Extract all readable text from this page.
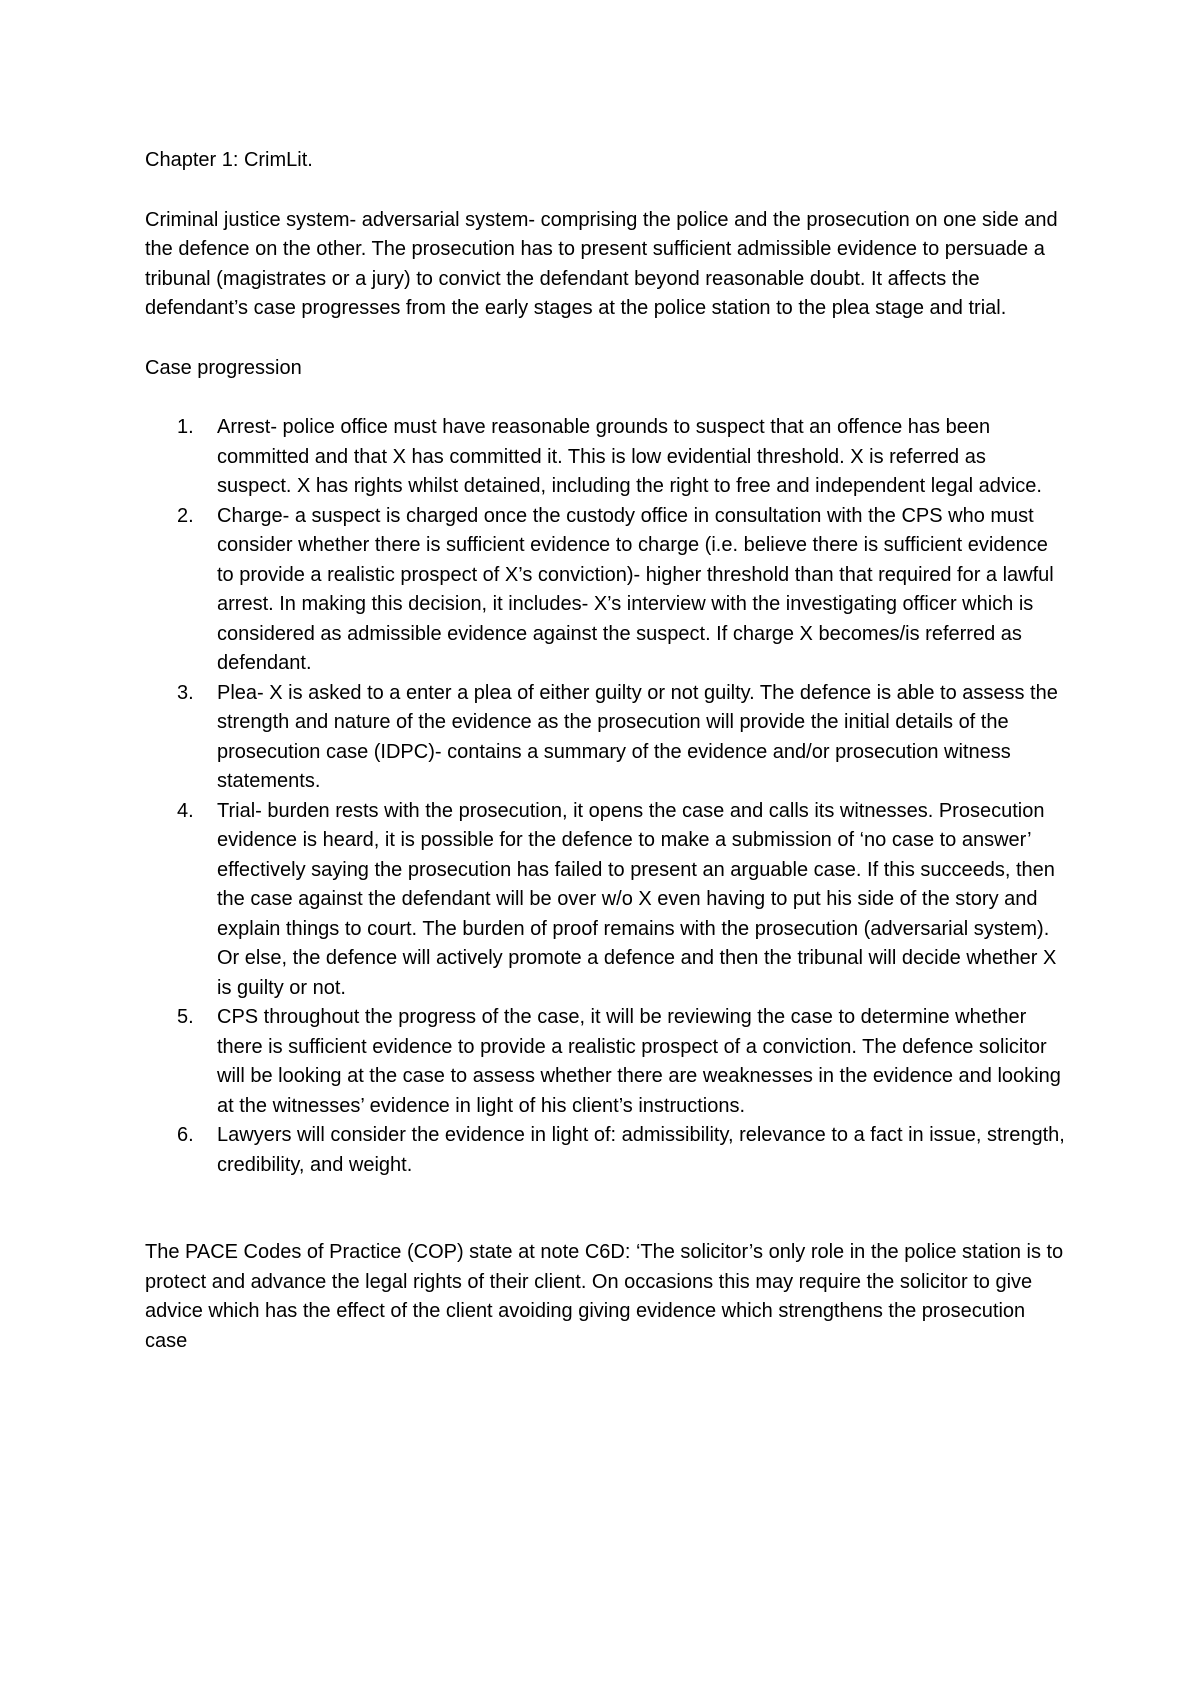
Chapter 1: CrimLit.

Criminal justice system- adversarial system- comprising the police and the prosecution on one side and the defence on the other. The prosecution has to present sufficient admissible evidence to persuade a tribunal (magistrates or a jury) to convict the defendant beyond reasonable doubt. It affects the defendant’s case progresses from the early stages at the police station to the plea stage and trial.

Case progression
1. Arrest- police office must have reasonable grounds to suspect that an offence has been committed and that X has committed it. This is low evidential threshold. X is referred as suspect. X has rights whilst detained, including the right to free and independent legal advice.
2. Charge- a suspect is charged once the custody office in consultation with the CPS who must consider whether there is sufficient evidence to charge (i.e. believe there is sufficient evidence to provide a realistic prospect of X’s conviction)- higher threshold than that required for a lawful arrest. In making this decision, it includes- X’s interview with the investigating officer which is considered as admissible evidence against the suspect. If charge X becomes/is referred as defendant.
3. Plea- X is asked to a enter a plea of either guilty or not guilty. The defence is able to assess the strength and nature of the evidence as the prosecution will provide the initial details of the prosecution case (IDPC)- contains a summary of the evidence and/or prosecution witness statements.
4. Trial- burden rests with the prosecution, it opens the case and calls its witnesses. Prosecution evidence is heard, it is possible for the defence to make a submission of ‘no case to answer’ effectively saying the prosecution has failed to present an arguable case. If this succeeds, then the case against the defendant will be over w/o X even having to put his side of the story and explain things to court. The burden of proof remains with the prosecution (adversarial system). Or else, the defence will actively promote a defence and then the tribunal will decide whether X is guilty or not.
5. CPS throughout the progress of the case, it will be reviewing the case to determine whether there is sufficient evidence to provide a realistic prospect of a conviction. The defence solicitor will be looking at the case to assess whether there are weaknesses in the evidence and looking at the witnesses’ evidence in light of his client’s instructions.
6. Lawyers will consider the evidence in light of: admissibility, relevance to a fact in issue, strength, credibility, and weight.

The PACE Codes of Practice (COP) state at note C6D: ‘The solicitor’s only role in the police station is to protect and advance the legal rights of their client. On occasions this may require the solicitor to give advice which has the effect of the client avoiding giving evidence which strengthens the prosecution case
